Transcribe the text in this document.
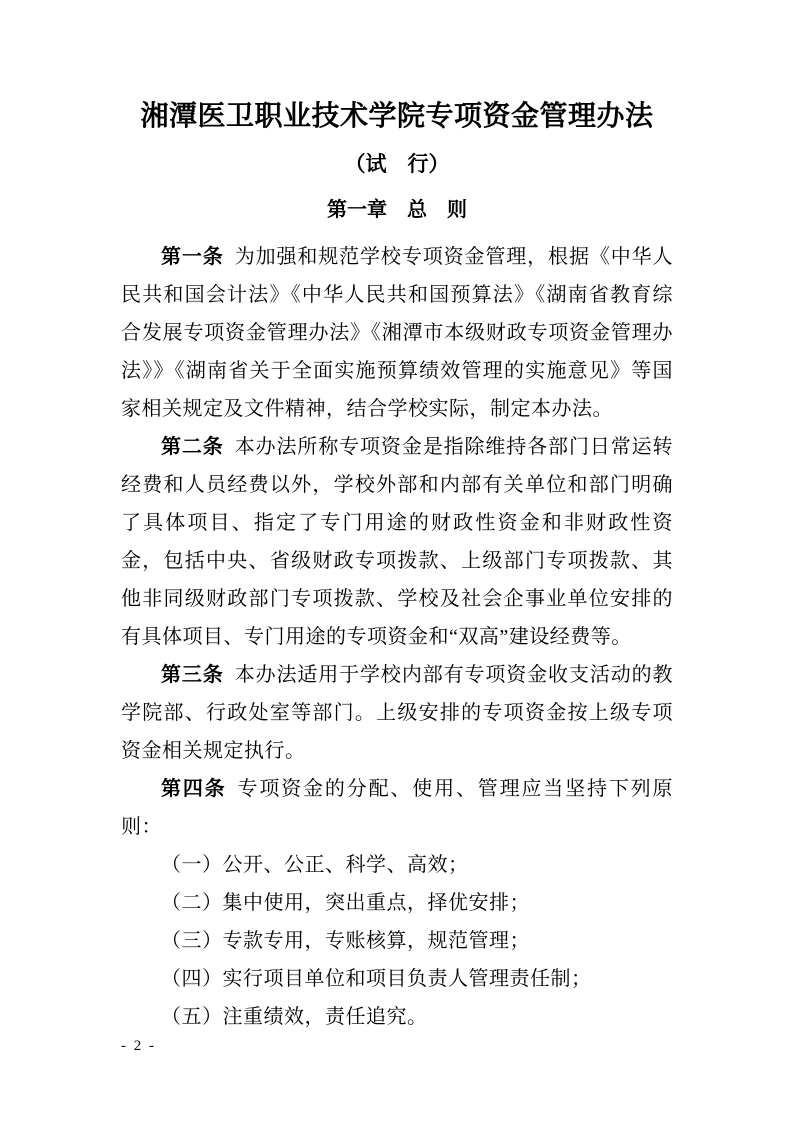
湘潭医卫职业技术学院专项资金管理办法
（试　行）
第一章　总　则

第一条 为加强和规范学校专项资金管理，根据《中华人民共和国会计法》《中华人民共和国预算法》《湖南省教育综合发展专项资金管理办法》《湘潭市本级财政专项资金管理办法》》《湖南省关于全面实施预算绩效管理的实施意见》等国家相关规定及文件精神，结合学校实际，制定本办法。

第二条 本办法所称专项资金是指除维持各部门日常运转经费和人员经费以外，学校外部和内部有关单位和部门明确了具体项目、指定了专门用途的财政性资金和非财政性资金，包括中央、省级财政专项拨款、上级部门专项拨款、其他非同级财政部门专项拨款、学校及社会企事业单位安排的有具体项目、专门用途的专项资金和“双高”建设经费等。

第三条 本办法适用于学校内部有专项资金收支活动的教学院部、行政处室等部门。上级安排的专项资金按上级专项资金相关规定执行。

第四条 专项资金的分配、使用、管理应当坚持下列原则：

（一）公开、公正、科学、高效；

（二）集中使用，突出重点，择优安排；

（三）专款专用，专账核算，规范管理；

（四）实行项目单位和项目负责人管理责任制；

（五）注重绩效，责任追究。

- 2 -
